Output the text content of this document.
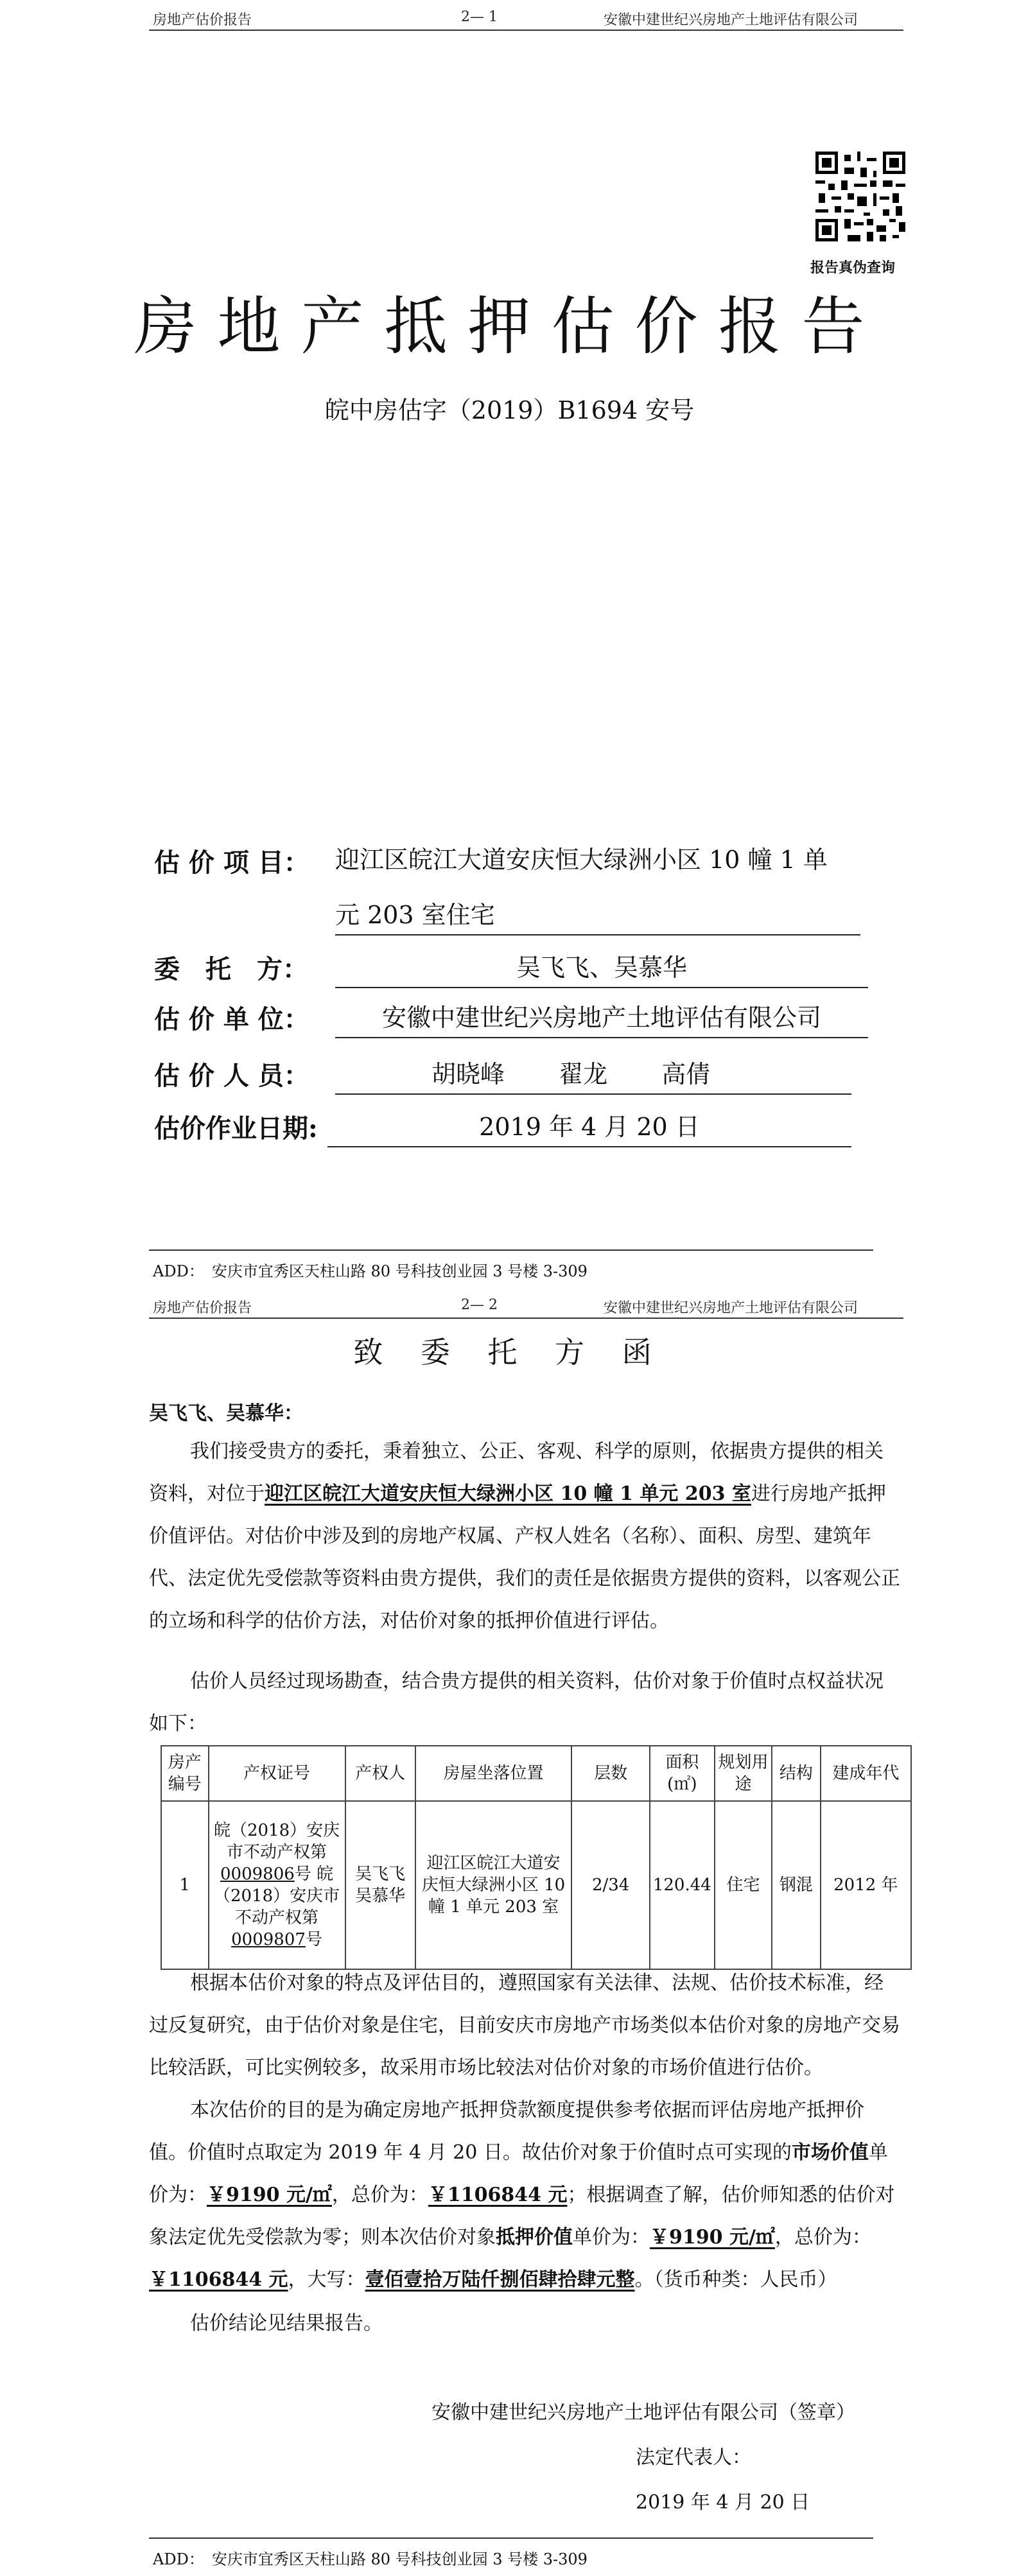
房地产估价报告	2— 1	安徽中建世纪兴房地产土地评估有限公司
报告真伪查询
房地产抵押估价报告
皖中房估字（2019）B1694 安号
估 价 项 目： 迎江区皖江大道安庆恒大绿洲小区 10 幢 1 单
元 203 室住宅
委　托　方：	吴飞飞、吴慕华
估 价 单 位：	安徽中建世纪兴房地产土地评估有限公司
估 价 人 员：	胡晓峰 翟龙 高倩
估价作业日期:	2019 年 4 月 20 日
ADD：　安庆市宜秀区天柱山路 80 号科技创业园 3 号楼 3-309
房地产估价报告	2— 2	安徽中建世纪兴房地产土地评估有限公司
致 委 托 方 函
吴飞飞、吴慕华：
我们接受贵方的委托，秉着独立、公正、客观、科学的原则，依据贵方提供的相关资料，对位于迎江区皖江大道安庆恒大绿洲小区 10 幢 1 单元 203 室进行房地产抵押价值评估。对估价中涉及到的房地产权属、产权人姓名（名称）、面积、房型、建筑年代、法定优先受偿款等资料由贵方提供，我们的责任是依据贵方提供的资料，以客观公正的立场和科学的估价方法，对估价对象的抵押价值进行评估。
估价人员经过现场勘查，结合贵方提供的相关资料，估价对象于价值时点权益状况如下：
房产编号	产权证号	产权人	房屋坐落位置	层数	面积(㎡)	规划用途	结构	建成年代
1	皖（2018）安庆市不动产权第0009806号 皖（2018）安庆市不动产权第0009807号	吴飞飞
吴慕华	迎江区皖江大道安庆恒大绿洲小区 10 幢 1 单元 203 室	2/34	120.44	住宅	钢混	2012 年
根据本估价对象的特点及评估目的，遵照国家有关法律、法规、估价技术标准，经过反复研究，由于估价对象是住宅，目前安庆市房地产市场类似本估价对象的房地产交易比较活跃，可比实例较多，故采用市场比较法对估价对象的市场价值进行估价。
本次估价的目的是为确定房地产抵押贷款额度提供参考依据而评估房地产抵押价值。价值时点取定为 2019 年 4 月 20 日。故估价对象于价值时点可实现的市场价值单价为：￥9190 元/㎡，总价为：￥1106844 元；根据调查了解，估价师知悉的估价对象法定优先受偿款为零；则本次估价对象抵押价值单价为：￥9190 元/㎡，总价为：￥1106844 元，大写：壹佰壹拾万陆仟捌佰肆拾肆元整。（货币种类：人民币）
估价结论见结果报告。
安徽中建世纪兴房地产土地评估有限公司（签章）
法定代表人：
2019 年 4 月 20 日
ADD：　安庆市宜秀区天柱山路 80 号科技创业园 3 号楼 3-309
